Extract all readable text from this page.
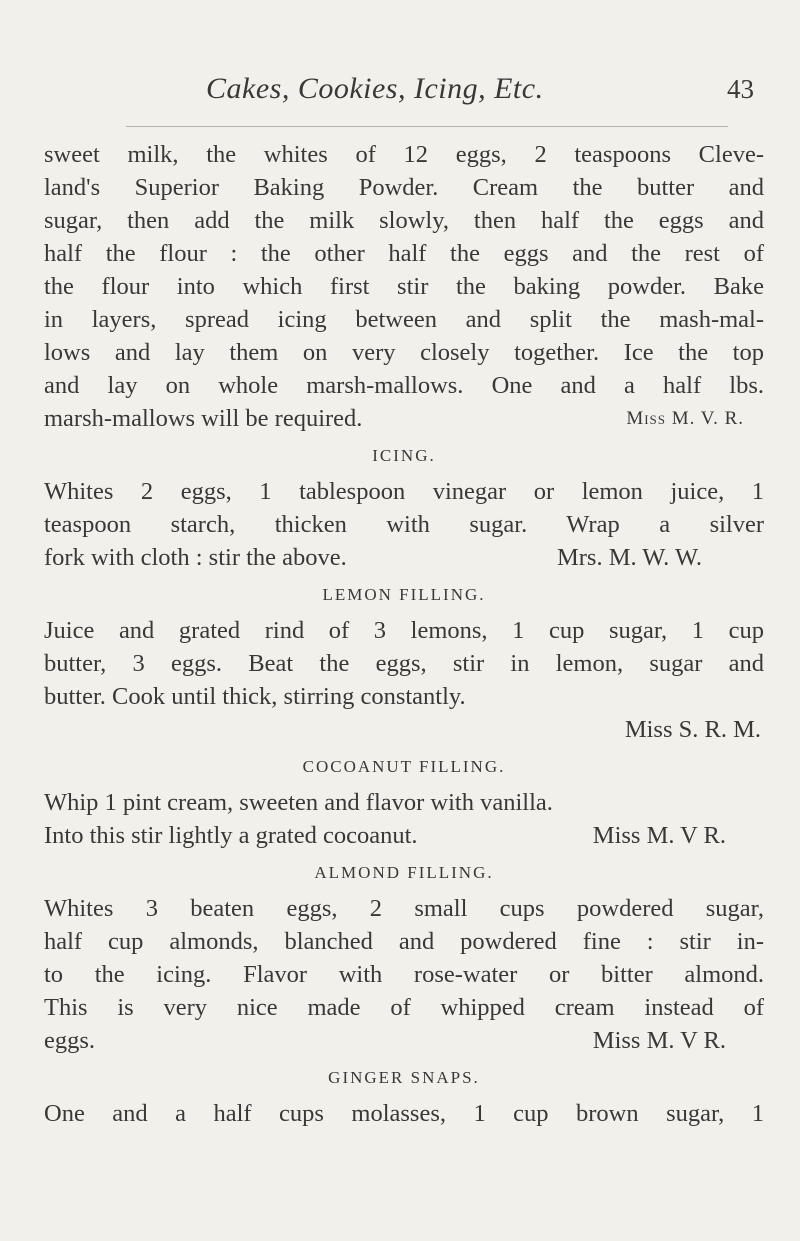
Cakes, Cookies, Icing, Etc.	43
sweet milk, the whites of 12 eggs, 2 teaspoons Cleve-
land's Superior Baking Powder. Cream the butter and
sugar, then add the milk slowly, then half the eggs and
half the flour : the other half the eggs and the rest of
the flour into which first stir the baking powder. Bake
in layers, spread icing between and split the mash-mal-
lows and lay them on very closely together. Ice the top
and lay on whole marsh-mallows. One and a half lbs.
marsh-mallows will be required.	Miss M. V. R.
ICING.
Whites 2 eggs, 1 tablespoon vinegar or lemon juice, 1
teaspoon starch, thicken with sugar. Wrap a silver
fork with cloth : stir the above.	Mrs. M. W. W.
LEMON FILLING.
Juice and grated rind of 3 lemons, 1 cup sugar, 1 cup
butter, 3 eggs. Beat the eggs, stir in lemon, sugar and
butter. Cook until thick, stirring constantly.
Miss S. R. M.
COCOANUT FILLING.
Whip 1 pint cream, sweeten and flavor with vanilla.
Into this stir lightly a grated cocoanut.	Miss M. V R.
ALMOND FILLING.
Whites 3 beaten eggs, 2 small cups powdered sugar,
half cup almonds, blanched and powdered fine : stir in-
to the icing. Flavor with rose-water or bitter almond.
This is very nice made of whipped cream instead of
eggs.	Miss M. V R.
GINGER SNAPS.
One and a half cups molasses, 1 cup brown sugar, 1
